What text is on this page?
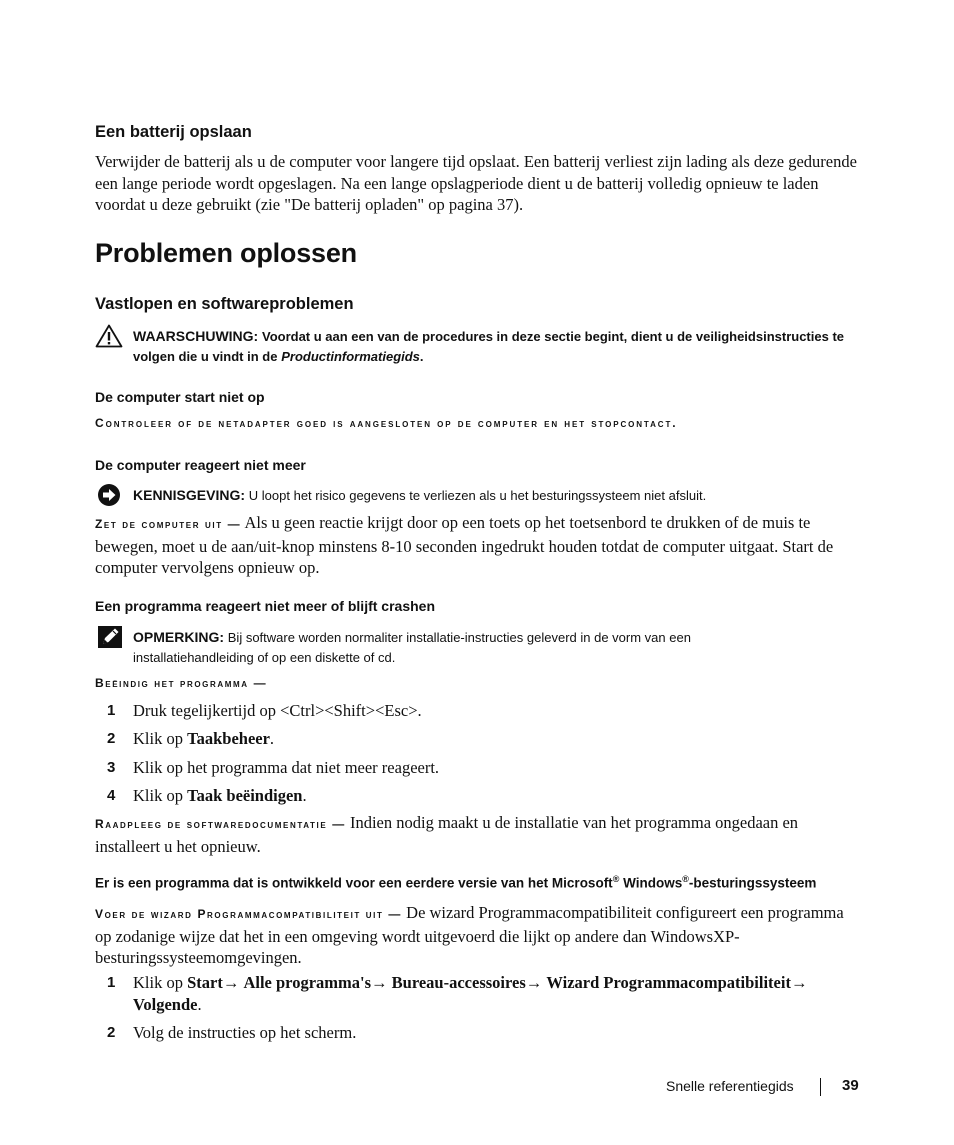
Een batterij opslaan
Verwijder de batterij als u de computer voor langere tijd opslaat. Een batterij verliest zijn lading als deze gedurende een lange periode wordt opgeslagen. Na een lange opslagperiode dient u de batterij volledig opnieuw te laden voordat u deze gebruikt (zie "De batterij opladen" op pagina 37).
Problemen oplossen
Vastlopen en softwareproblemen
WAARSCHUWING: Voordat u aan een van de procedures in deze sectie begint, dient u de veiligheidsinstructies te volgen die u vindt in de Productinformatiegids.
De computer start niet op
Controleer of de netadapter goed is aangesloten op de computer en het stopcontact.
De computer reageert niet meer
KENNISGEVING: U loopt het risico gegevens te verliezen als u het besturingssysteem niet afsluit.
Zet de computer uit — Als u geen reactie krijgt door op een toets op het toetsenbord te drukken of de muis te bewegen, moet u de aan/uit-knop minstens 8-10 seconden ingedrukt houden totdat de computer uitgaat. Start de computer vervolgens opnieuw op.
Een programma reageert niet meer of blijft crashen
OPMERKING: Bij software worden normaliter installatie-instructies geleverd in de vorm van een installatiehandleiding of op een diskette of cd.
Beëindig het programma —
1 Druk tegelijkertijd op <Ctrl><Shift><Esc>.
2 Klik op Taakbeheer.
3 Klik op het programma dat niet meer reageert.
4 Klik op Taak beëindigen.
Raadpleeg de softwaredocumentatie — Indien nodig maakt u de installatie van het programma ongedaan en installeert u het opnieuw.
Er is een programma dat is ontwikkeld voor een eerdere versie van het Microsoft® Windows®-besturingssysteem
Voer de wizard Programmacompatibiliteit uit — De wizard Programmacompatibiliteit configureert een programma op zodanige wijze dat het in een omgeving wordt uitgevoerd die lijkt op andere dan WindowsXP-besturingssysteemomgevingen.
1 Klik op Start→ Alle programma's→ Bureau-accessoires→ Wizard Programmacompatibiliteit→ Volgende.
2 Volg de instructies op het scherm.
Snelle referentiegids	39
